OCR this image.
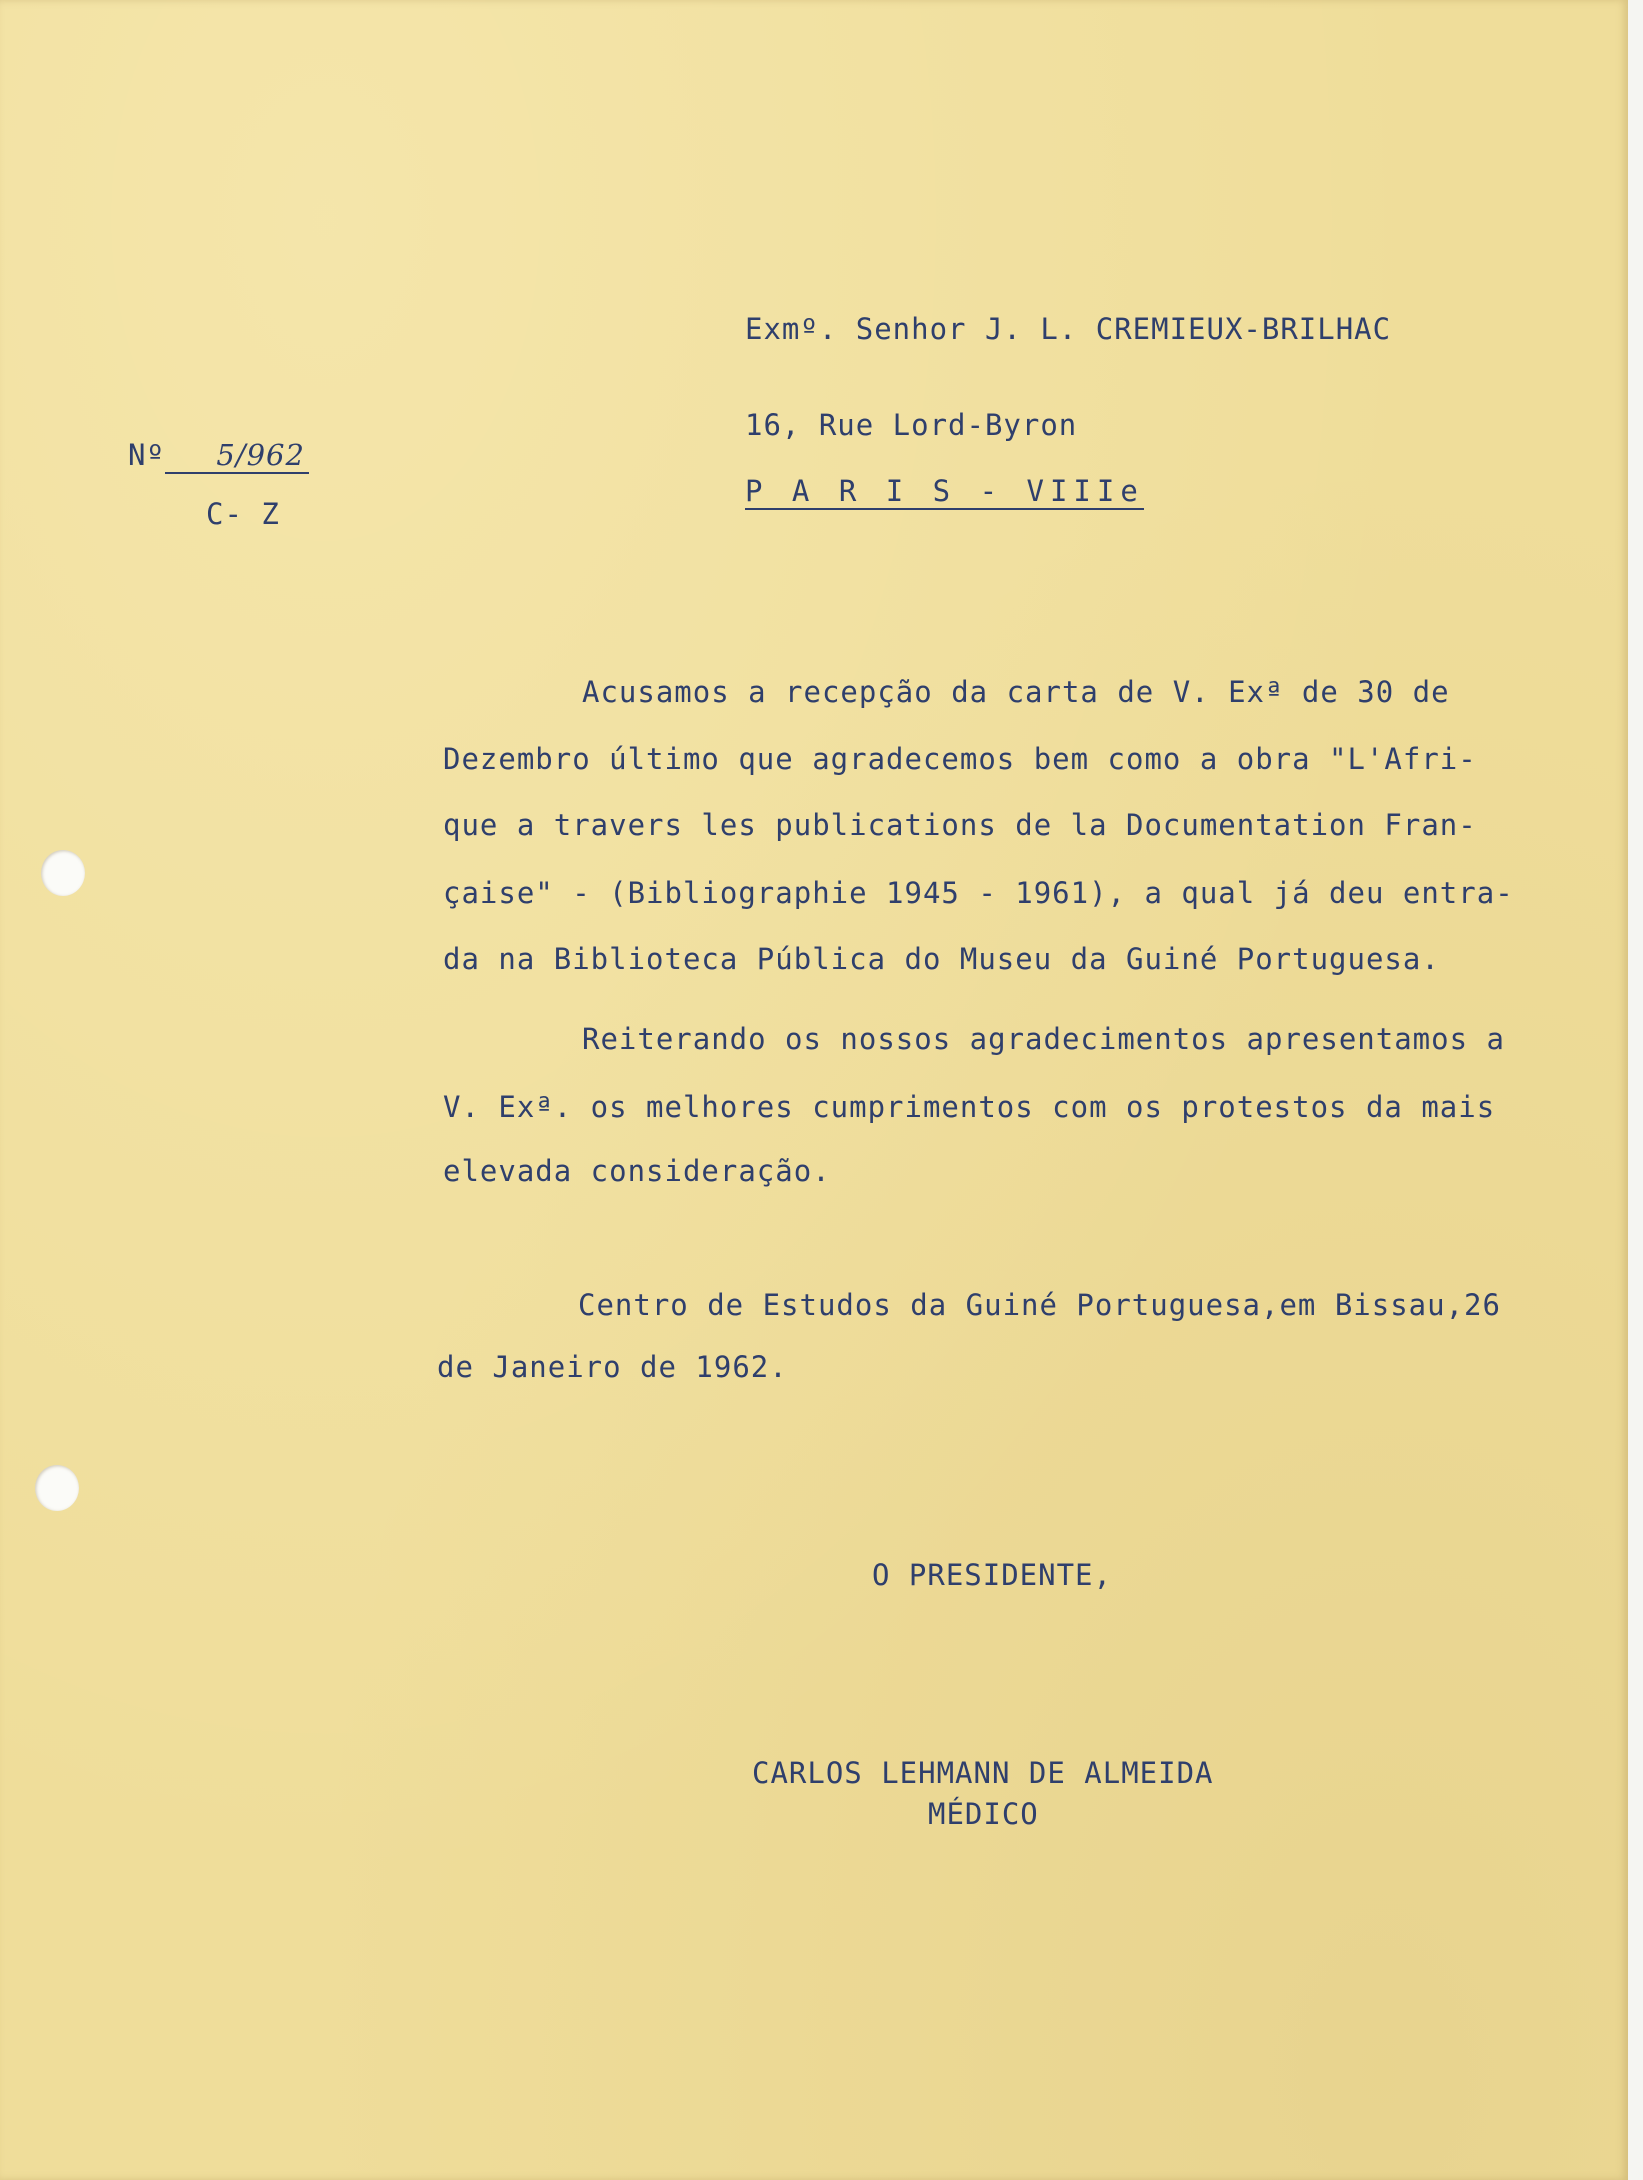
Nº 5/962
C- Z
Exmº. Senhor J. L. CREMIEUX-BRILHAC
16, Rue Lord-Byron
P A R I S - VIIIe
Acusamos a recepção da carta de V. Exª de 30 de
Dezembro último que agradecemos bem como a obra "L'Afri-
que a travers les publications de la Documentation Fran-
çaise" - (Bibliographie 1945 - 1961), a qual já deu entra-
da na Biblioteca Pública do Museu da Guiné Portuguesa.
Reiterando os nossos agradecimentos apresentamos a
V. Exª. os melhores cumprimentos com os protestos da mais
elevada consideração.
Centro de Estudos da Guiné Portuguesa,em Bissau,26
de Janeiro de 1962.
O PRESIDENTE,
CARLOS LEHMANN DE ALMEIDA
MÉDICO
